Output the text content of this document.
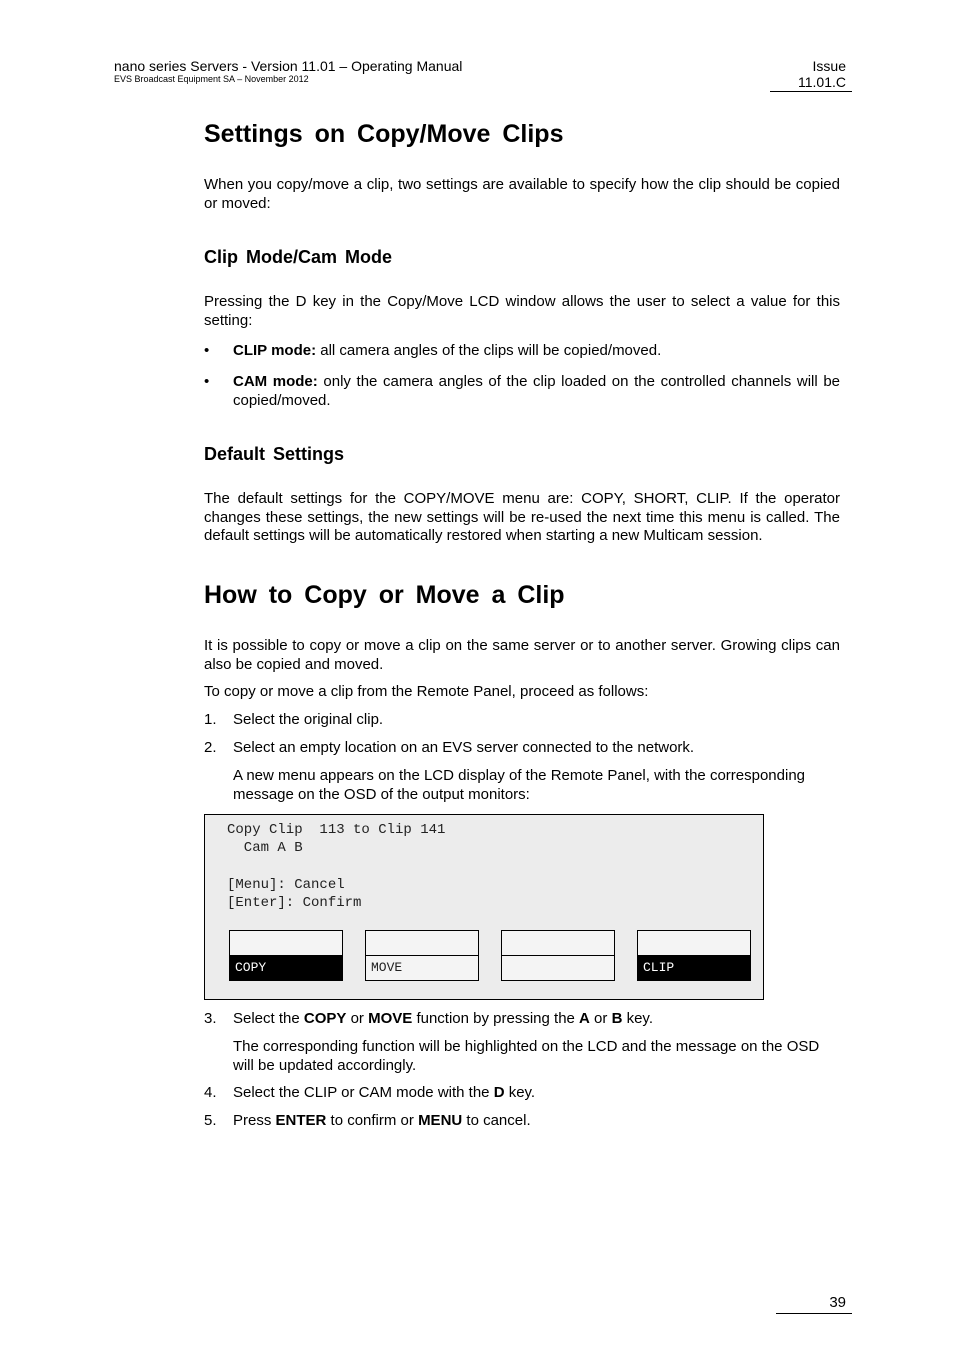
nano series Servers - Version 11.01 – Operating Manual
EVS Broadcast Equipment SA – November 2012
Issue
11.01.C
Settings on Copy/Move Clips

When you copy/move a clip, two settings are available to specify how the clip should be copied or moved:

Clip Mode/Cam Mode

Pressing the D key in the Copy/Move LCD window allows the user to select a value for this setting:

• CLIP mode: all camera angles of the clips will be copied/moved.
• CAM mode: only the camera angles of the clip loaded on the controlled channels will be copied/moved.
Default Settings

The default settings for the COPY/MOVE menu are: COPY, SHORT, CLIP. If the operator changes these settings, the new settings will be re-used the next time this menu is called. The default settings will be automatically restored when starting a new Multicam session.

How to Copy or Move a Clip

It is possible to copy or move a clip on the same server or to another server. Growing clips can also be copied and moved.

To copy or move a clip from the Remote Panel, proceed as follows:

1. Select the original clip.
2. Select an empty location on an EVS server connected to the network.

A new menu appears on the LCD display of the Remote Panel, with the corresponding message on the OSD of the output monitors:

Copy Clip  113 to Clip 141
Cam A B
[Menu]: Cancel
[Enter]: Confirm
COPY	MOVE	CLIP
3. Select the COPY or MOVE function by pressing the A or B key.

The corresponding function will be highlighted on the LCD and the message on the OSD will be updated accordingly.

4. Select the CLIP or CAM mode with the D key.
5. Press ENTER to confirm or MENU to cancel.
39
